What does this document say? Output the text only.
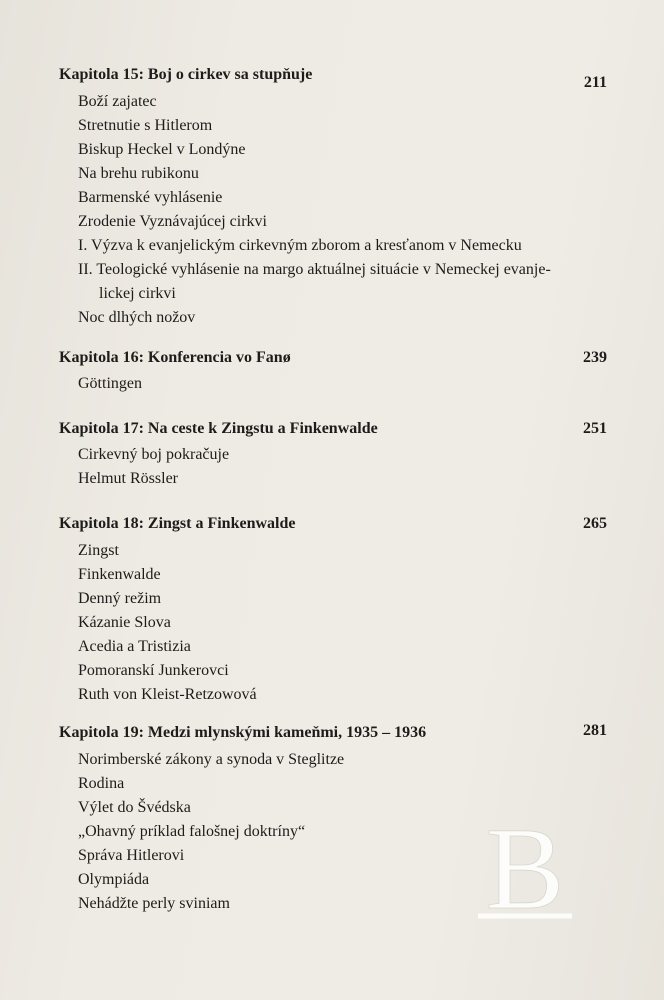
Kapitola 15: Boj o cirkev sa stupňuje	211
Boží zajatec
Stretnutie s Hitlerom
Biskup Heckel v Londýne
Na brehu rubikonu
Barmenské vyhlásenie
Zrodenie Vyznávajúcej cirkvi
I. Výzva k evanjelickým cirkevným zborom a kresťanom v Nemecku
II. Teologické vyhlásenie na margo aktuálnej situácie v Nemeckej evanje-
lickej cirkvi
Noc dlhých nožov
Kapitola 16: Konferencia vo Fanø	239
Göttingen
Kapitola 17: Na ceste k Zingstu a Finkenwalde	251
Cirkevný boj pokračuje
Helmut Rössler
Kapitola 18: Zingst a Finkenwalde	265
Zingst
Finkenwalde
Denný režim
Kázanie Slova
Acedia a Tristizia
Pomoranskí Junkerovci
Ruth von Kleist-Retzowová
Kapitola 19: Medzi mlynskými kameňmi, 1935 – 1936	281
Norimberské zákony a synoda v Steglitze
Rodina
Výlet do Švédska
„Ohavný príklad falošnej doktríny“
Správa Hitlerovi
Olympiáda
Nehádžte perly sviniam	B
